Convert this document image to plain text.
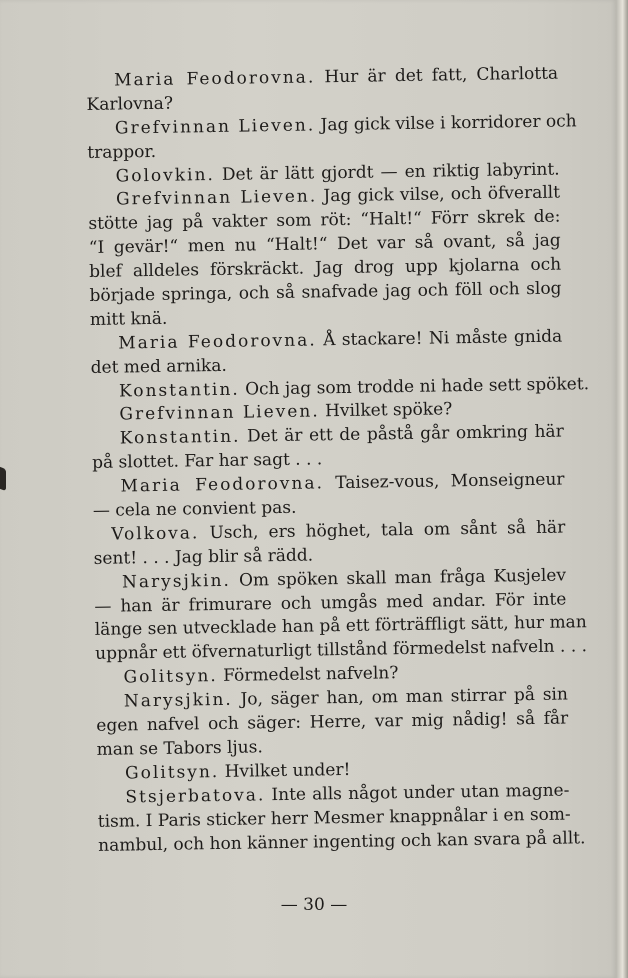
Maria Feodorovna. Hur är det fatt, Charlotta
Karlovna?
Grefvinnan Lieven. Jag gick vilse i korridorer och
trappor.
Golovkin. Det är lätt gjordt — en riktig labyrint.
Grefvinnan Lieven. Jag gick vilse, och öfverallt
stötte jag på vakter som röt: “Halt!“ Förr skrek de:
“I gevär!“ men nu “Halt!“ Det var så ovant, så jag
blef alldeles förskräckt. Jag drog upp kjolarna och
började springa, och så snafvade jag och föll och slog
mitt knä.
Maria Feodorovna. Å stackare! Ni måste gnida
det med arnika.
Konstantin. Och jag som trodde ni hade sett spöket.
Grefvinnan Lieven. Hvilket spöke?
Konstantin. Det är ett de påstå går omkring här
på slottet. Far har sagt . . .
Maria Feodorovna. Taisez-vous, Monseigneur
— cela ne convient pas.
Volkova. Usch, ers höghet, tala om sånt så här
sent! . . . Jag blir så rädd.
Narysjkin. Om spöken skall man fråga Kusjelev
— han är frimurare och umgås med andar. För inte
länge sen utvecklade han på ett förträffligt sätt, hur man
uppnår ett öfvernaturligt tillstånd förmedelst nafveln . . .
Golitsyn. Förmedelst nafveln?
Narysjkin. Jo, säger han, om man stirrar på sin
egen nafvel och säger: Herre, var mig nådig! så får
man se Tabors ljus.
Golitsyn. Hvilket under!
Stsjerbatova. Inte alls något under utan magne-
tism. I Paris sticker herr Mesmer knappnålar i en som-
nambul, och hon känner ingenting och kan svara på allt.
— 30 —
